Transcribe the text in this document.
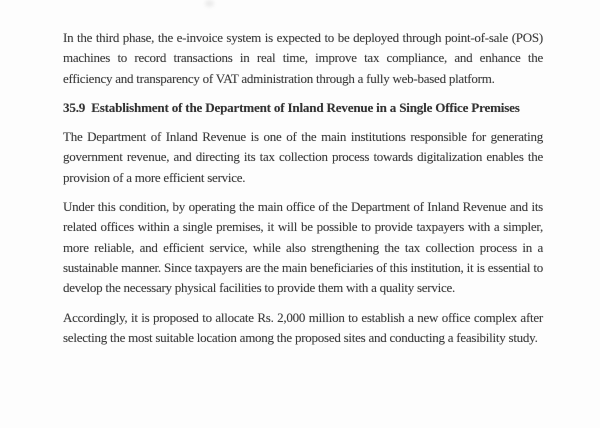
In the third phase, the e-invoice system is expected to be deployed through point-of-sale (POS) machines to record transactions in real time, improve tax compliance, and enhance the efficiency and transparency of VAT administration through a fully web-based platform.

35.9 Establishment of the Department of Inland Revenue in a Single Office Premises

The Department of Inland Revenue is one of the main institutions responsible for generating government revenue, and directing its tax collection process towards digitalization enables the provision of a more efficient service.

Under this condition, by operating the main office of the Department of Inland Revenue and its related offices within a single premises, it will be possible to provide taxpayers with a simpler, more reliable, and efficient service, while also strengthening the tax collection process in a sustainable manner. Since taxpayers are the main beneficiaries of this institution, it is essential to develop the necessary physical facilities to provide them with a quality service.

Accordingly, it is proposed to allocate Rs. 2,000 million to establish a new office complex after selecting the most suitable location among the proposed sites and conducting a feasibility study.
